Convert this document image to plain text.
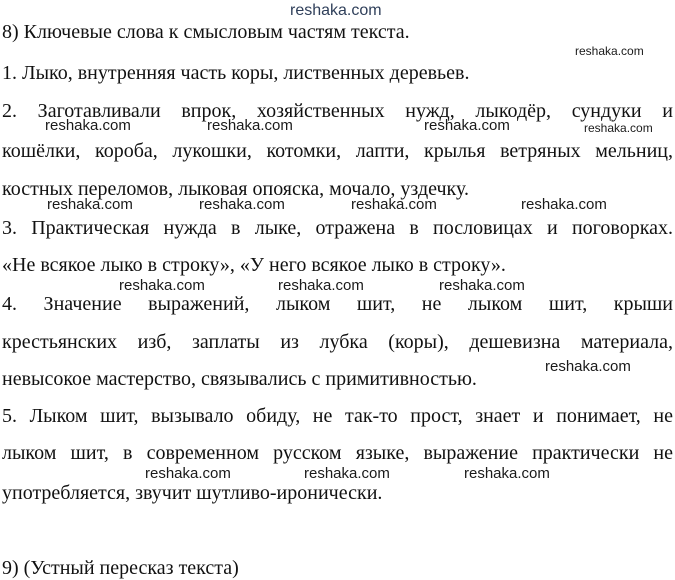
reshaka.com
reshaka.com
reshaka.com	reshaka.com	reshaka.com	reshaka.com
reshaka.com	reshaka.com	reshaka.com	reshaka.com
reshaka.com	reshaka.com	reshaka.com
reshaka.com
reshaka.com	reshaka.com	reshaka.com
8) Ключевые слова к смысловым частям текста.
1. Лыко, внутренняя часть коры, лиственных деревьев.
2. Заготавливали впрок, хозяйственных нужд, лыкодёр, сундуки и
кошёлки, короба, лукошки, котомки, лапти, крылья ветряных мельниц,
костных переломов, лыковая опояска, мочало, уздечку.
3. Практическая нужда в лыке, отражена в пословицах и поговорках.
«Не всякое лыко в строку», «У него всякое лыко в строку».
4. Значение выражений, лыком шит, не лыком шит, крыши
крестьянских изб, заплаты из лубка (коры), дешевизна материала,
невысокое мастерство, связывались с примитивностью.
5. Лыком шит, вызывало обиду, не так-то прост, знает и понимает, не
лыком шит, в современном русском языке, выражение практически не
употребляется, звучит шутливо-иронически.
9) (Устный пересказ текста)
